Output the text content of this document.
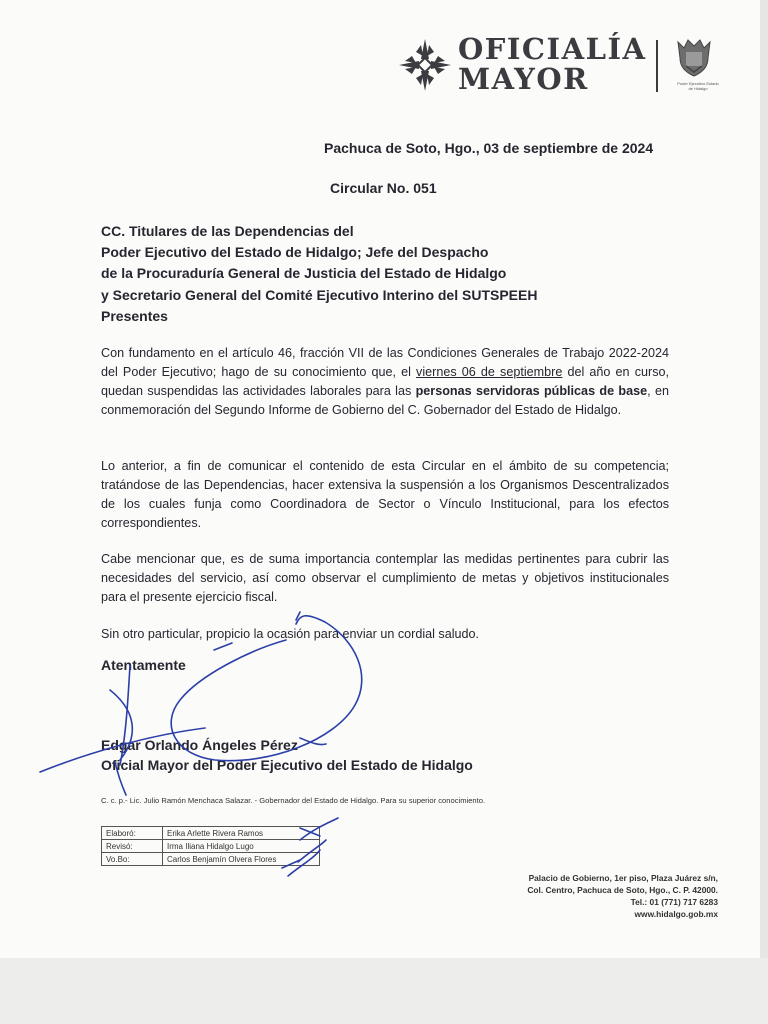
OFICIALÍA
MAYOR	Poder Ejecutivo Estado de Hidalgo
Pachuca de Soto, Hgo., 03 de septiembre de 2024
Circular No. 051
CC. Titulares de las Dependencias del
Poder Ejecutivo del Estado de Hidalgo; Jefe del Despacho
de la Procuraduría General de Justicia del Estado de Hidalgo
y Secretario General del Comité Ejecutivo Interino del SUTSPEEH
Presentes
Con fundamento en el artículo 46, fracción VII de las Condiciones Generales de Trabajo 2022-2024 del Poder Ejecutivo; hago de su conocimiento que, el viernes 06 de septiembre del año en curso, quedan suspendidas las actividades laborales para las personas servidoras públicas de base, en conmemoración del Segundo Informe de Gobierno del C. Gobernador del Estado de Hidalgo.
Lo anterior, a fin de comunicar el contenido de esta Circular en el ámbito de su competencia; tratándose de las Dependencias, hacer extensiva la suspensión a los Organismos Descentralizados de los cuales funja como Coordinadora de Sector o Vínculo Institucional, para los efectos correspondientes.
Cabe mencionar que, es de suma importancia contemplar las medidas pertinentes para cubrir las necesidades del servicio, así como observar el cumplimiento de metas y objetivos institucionales para el presente ejercicio fiscal.
Sin otro particular, propicio la ocasión para enviar un cordial saludo.
Atentamente
Edgar Orlando Ángeles Pérez
Oficial Mayor del Poder Ejecutivo del Estado de Hidalgo
C. c. p.- Lic. Julio Ramón Menchaca Salazar. - Gobernador del Estado de Hidalgo. Para su superior conocimiento.
Elaboró:	Erika Arlette Rivera Ramos
Revisó:	Irma Iliana Hidalgo Lugo
Vo.Bo:	Carlos Benjamín Olvera Flores
Palacio de Gobierno, 1er piso, Plaza Juárez s/n,
Col. Centro, Pachuca de Soto, Hgo., C. P. 42000.
Tel.: 01 (771) 717 6283
www.hidalgo.gob.mx
